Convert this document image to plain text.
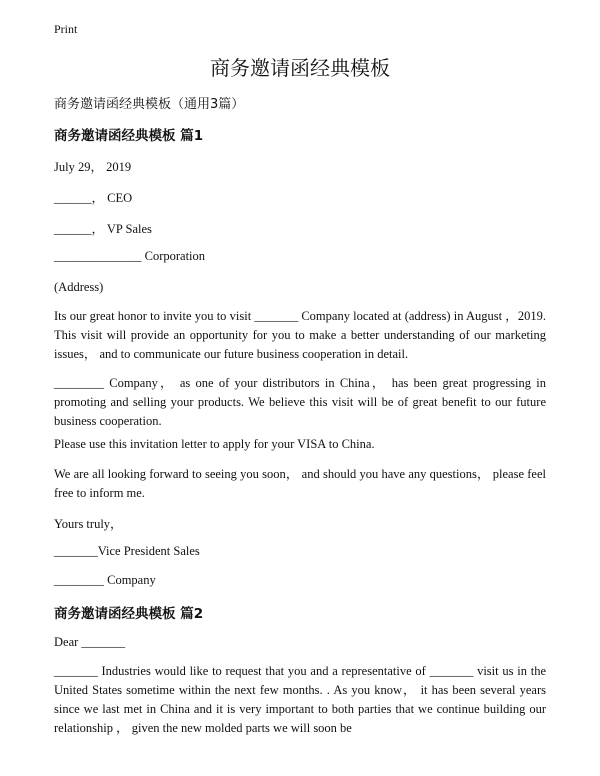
Print
商务邀请函经典模板
商务邀请函经典模板（通用3篇）
商务邀请函经典模板 篇1
July 29， 2019
______， CEO
______， VP Sales
______________ Corporation
(Address)

Its our great honor to invite you to visit _______ Company located at (address) in August ，2019. This visit will provide an opportunity for you to make a better understanding of our marketing issues， and to communicate our future business cooperation in detail.

________ Company， as one of your distributors in China， has been great progressing in promoting and selling your products. We believe this visit will be of great benefit to our future business cooperation.

Please use this invitation letter to apply for your VISA to China.

We are all looking forward to seeing you soon， and should you have any questions， please feel free to inform me.

Yours truly，
_______Vice President Sales
________ Company
商务邀请函经典模板 篇2
Dear _______

_______ Industries would like to request that you and a representative of _______ visit us in the United States sometime within the next few months. . As you know， it has been several years since we last met in China and it is very important to both parties that we continue building our relationship ， given the new molded parts we will soon be
